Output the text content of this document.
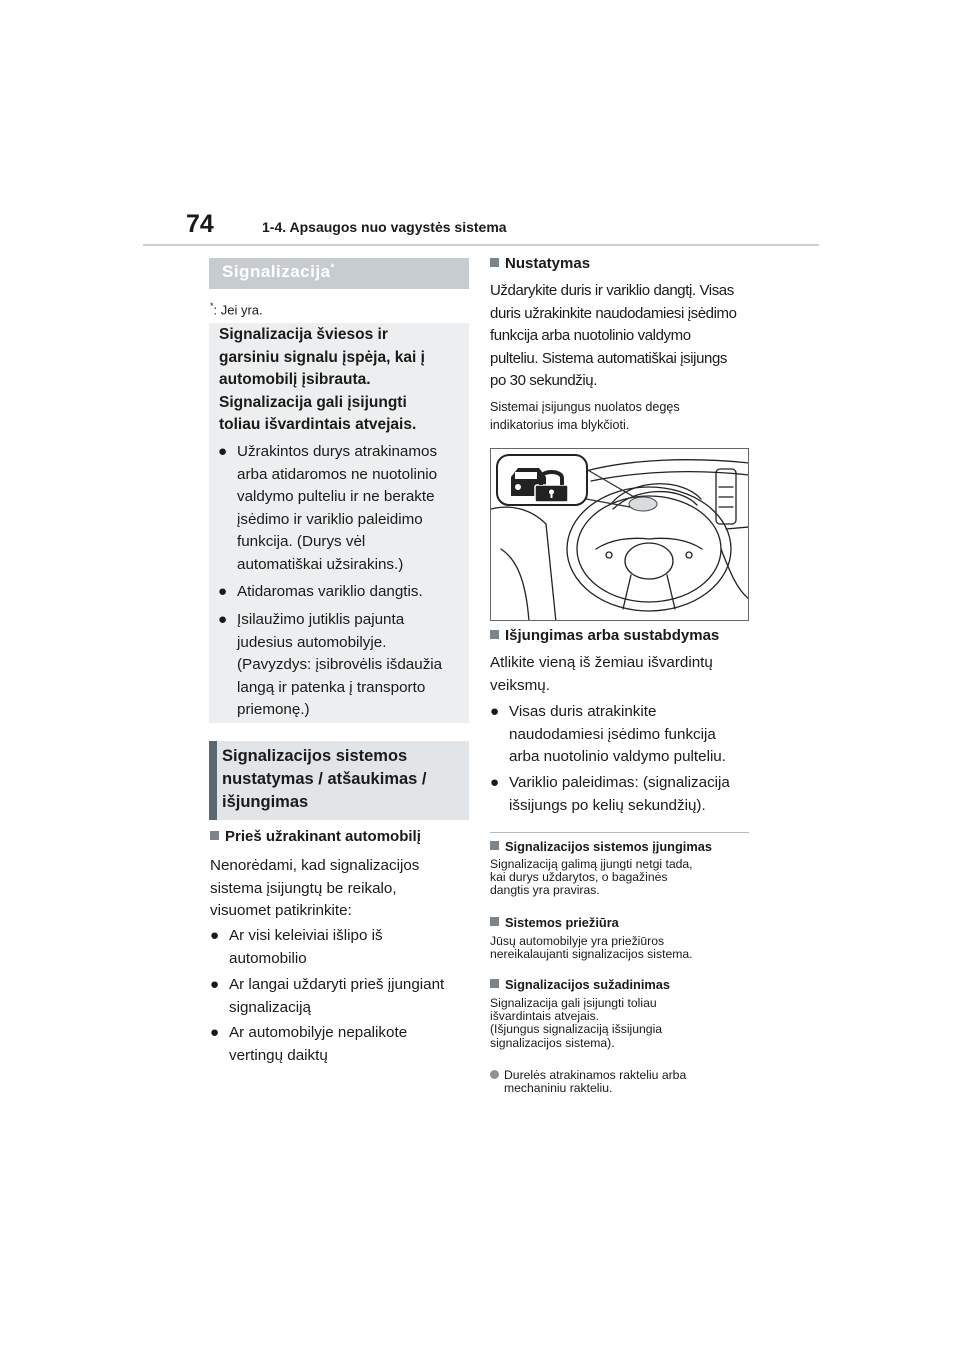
74	1-4. Apsaugos nuo vagystės sistema
Signalizacija*
*: Jei yra.
Signalizacija šviesos ir
garsiniu signalu įspėja, kai į
automobilį įsibrauta.
Signalizacija gali įsijungti
toliau išvardintais atvejais.
● Užrakintos durys atrakinamos
arba atidaromos ne nuotolinio
valdymo pulteliu ir ne berakte
įsėdimo ir variklio paleidimo
funkcija. (Durys vėl
automatiškai užsirakins.)
● Atidaromas variklio dangtis.
● Įsilaužimo jutiklis pajunta
judesius automobilyje.
(Pavyzdys: įsibrovėlis išdaužia
langą ir patenka į transporto
priemonę.)
Signalizacijos sistemos
nustatymas / atšaukimas /
išjungimas
Prieš užrakinant automobilį
Nenorėdami, kad signalizacijos
sistema įsijungtų be reikalo,
visuomet patikrinkite:
● Ar visi keleiviai išlipo iš
automobilio
● Ar langai uždaryti prieš įjungiant
signalizaciją
● Ar automobilyje nepalikote
vertingų daiktų
Nustatymas
Uždarykite duris ir variklio dangtį. Visas
duris užrakinkite naudodamiesi įsėdimo
funkcija arba nuotolinio valdymo
pulteliu. Sistema automatiškai įsijungs
po 30 sekundžių.
Sistemai įsijungus nuolatos degęs
indikatorius ima blykčioti.
Išjungimas arba sustabdymas
Atlikite vieną iš žemiau išvardintų
veiksmų.
● Visas duris atrakinkite
naudodamiesi įsėdimo funkcija
arba nuotolinio valdymo pulteliu.
● Variklio paleidimas: (signalizacija
išsijungs po kelių sekundžių).
Signalizacijos sistemos įjungimas
Signalizaciją galimą įjungti netgi tada,
kai durys uždarytos, o bagažinės
dangtis yra praviras.
Sistemos priežiūra
Jūsų automobilyje yra priežiūros
nereikalaujanti signalizacijos sistema.
Signalizacijos sužadinimas
Signalizacija gali įsijungti toliau
išvardintais atvejais.
(Išjungus signalizaciją išsijungia
signalizacijos sistema).
Durelės atrakinamos rakteliu arba
mechaniniu rakteliu.
